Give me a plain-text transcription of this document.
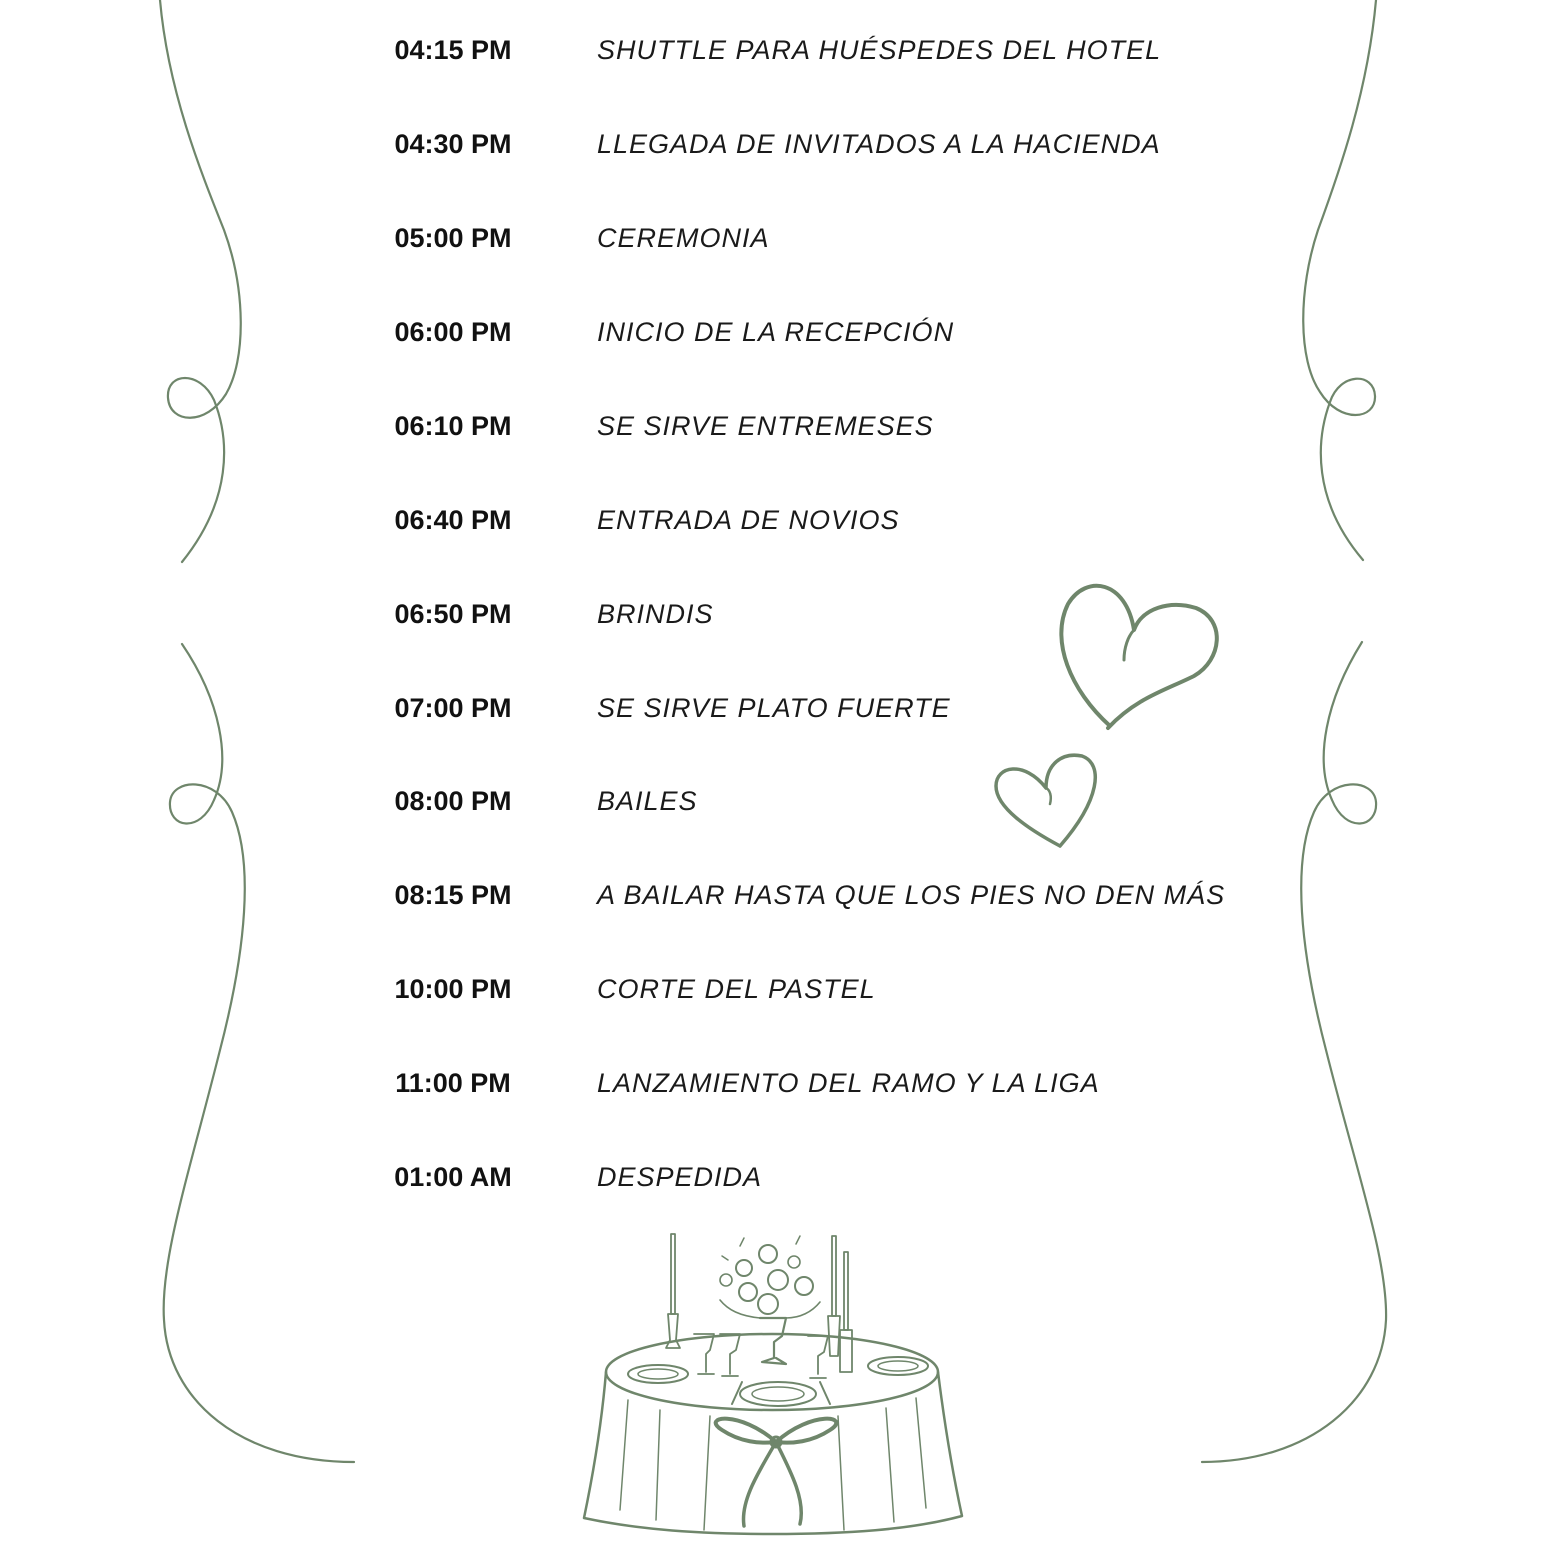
04:15 PM	SHUTTLE PARA HUÉSPEDES DEL HOTEL
04:30 PM	LLEGADA DE INVITADOS A LA HACIENDA
05:00 PM	CEREMONIA
06:00 PM	INICIO DE LA RECEPCIÓN
06:10 PM	SE SIRVE ENTREMESES
06:40 PM	ENTRADA DE NOVIOS
06:50 PM	BRINDIS
07:00 PM	SE SIRVE PLATO FUERTE
08:00 PM	BAILES
08:15 PM	A BAILAR HASTA QUE LOS PIES NO DEN MÁS
10:00 PM	CORTE DEL PASTEL
11:00 PM	LANZAMIENTO DEL RAMO Y LA LIGA
01:00 AM	DESPEDIDA
